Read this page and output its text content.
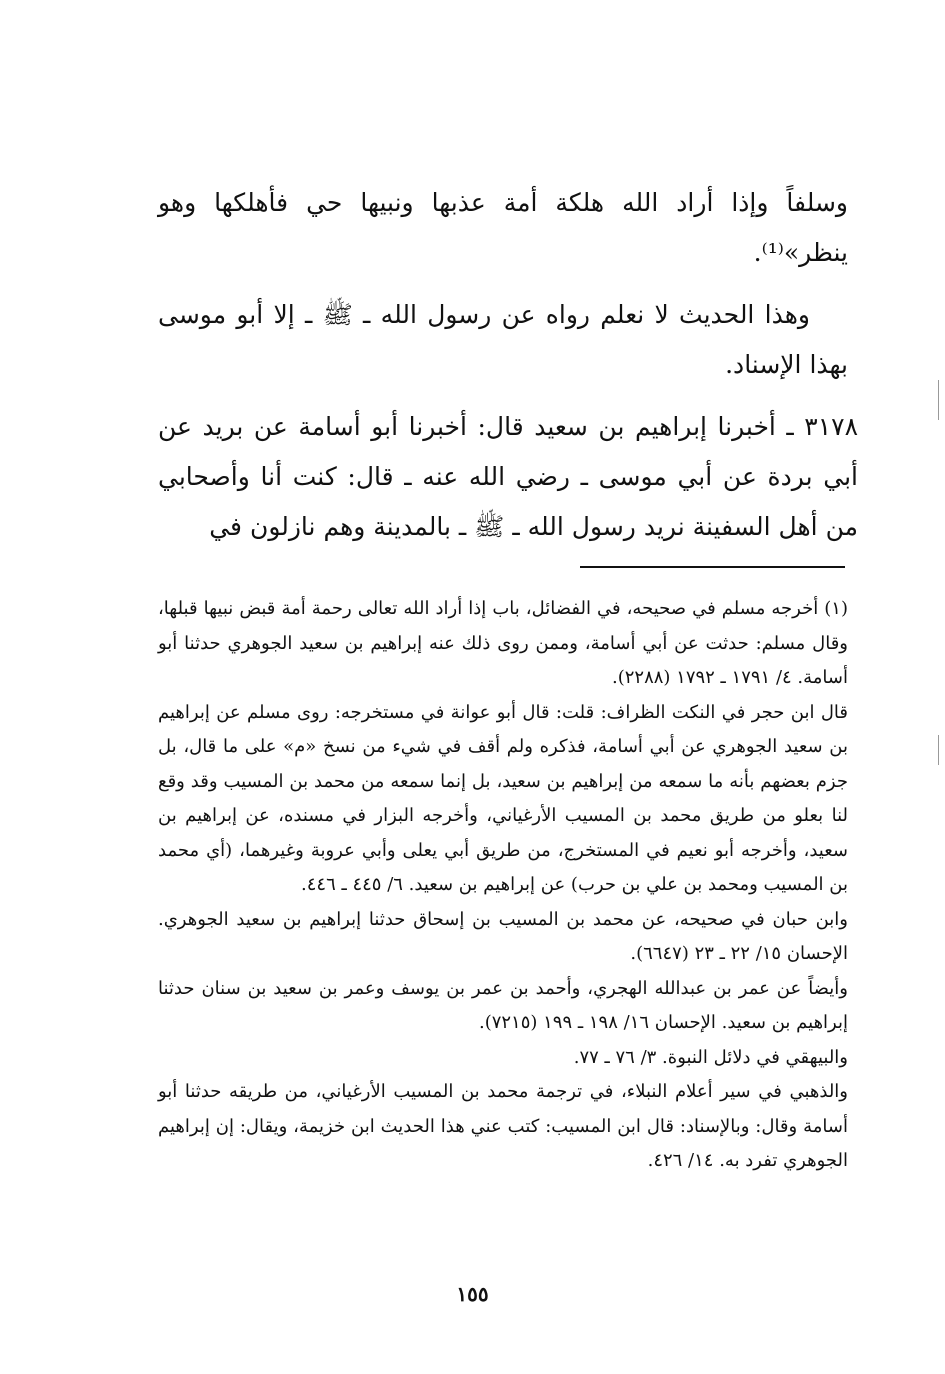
وسلفاً وإذا أراد الله هلكة أمة عذبها ونبيها حي فأهلكها وهو ينظر»⁽¹⁾.

وهذا الحديث لا نعلم رواه عن رسول الله ـ ﷺ ـ إلا أبو موسى بهذا الإسناد.

٣١٧٨ ـ أخبرنا إبراهيم بن سعيد قال: أخبرنا أبو أسامة عن بريد عن أبي بردة عن أبي موسى ـ رضي الله عنه ـ قال: كنت أنا وأصحابي من أهل السفينة نريد رسول الله ـ ﷺ ـ بالمدينة وهم نازلون في

(١) أخرجه مسلم في صحيحه، في الفضائل، باب إذا أراد الله تعالى رحمة أمة قبض نبيها قبلها، وقال مسلم: حدثت عن أبي أسامة، وممن روى ذلك عنه إبراهيم بن سعيد الجوهري حدثنا أبو أسامة. ٤/ ١٧٩١ ـ ١٧٩٢ (٢٢٨٨).

قال ابن حجر في النكت الظراف: قلت: قال أبو عوانة في مستخرجه: روى مسلم عن إبراهيم بن سعيد الجوهري عن أبي أسامة، فذكره ولم أقف في شيء من نسخ «م» على ما قال، بل جزم بعضهم بأنه ما سمعه من إبراهيم بن سعيد، بل إنما سمعه من محمد بن المسيب وقد وقع لنا بعلو من طريق محمد بن المسيب الأرغياني، وأخرجه البزار في مسنده، عن إبراهيم بن سعيد، وأخرجه أبو نعيم في المستخرج، من طريق أبي يعلى وأبي عروبة وغيرهما، (أي محمد بن المسيب ومحمد بن علي بن حرب) عن إبراهيم بن سعيد. ٦/ ٤٤٥ ـ ٤٤٦.

وابن حبان في صحيحه، عن محمد بن المسيب بن إسحاق حدثنا إبراهيم بن سعيد الجوهري. الإحسان ١٥/ ٢٢ ـ ٢٣ (٦٦٤٧).

وأيضاً عن عمر بن عبدالله الهجري، وأحمد بن عمر بن يوسف وعمر بن سعيد بن سنان حدثنا إبراهيم بن سعيد. الإحسان ١٦/ ١٩٨ ـ ١٩٩ (٧٢١٥).

والبيهقي في دلائل النبوة. ٣/ ٧٦ ـ ٧٧.

والذهبي في سير أعلام النبلاء، في ترجمة محمد بن المسيب الأرغياني، من طريقه حدثنا أبو أسامة وقال: وبالإسناد: قال ابن المسيب: كتب عني هذا الحديث ابن خزيمة، ويقال: إن إبراهيم الجوهري تفرد به. ١٤/ ٤٢٦.

١٥٥
